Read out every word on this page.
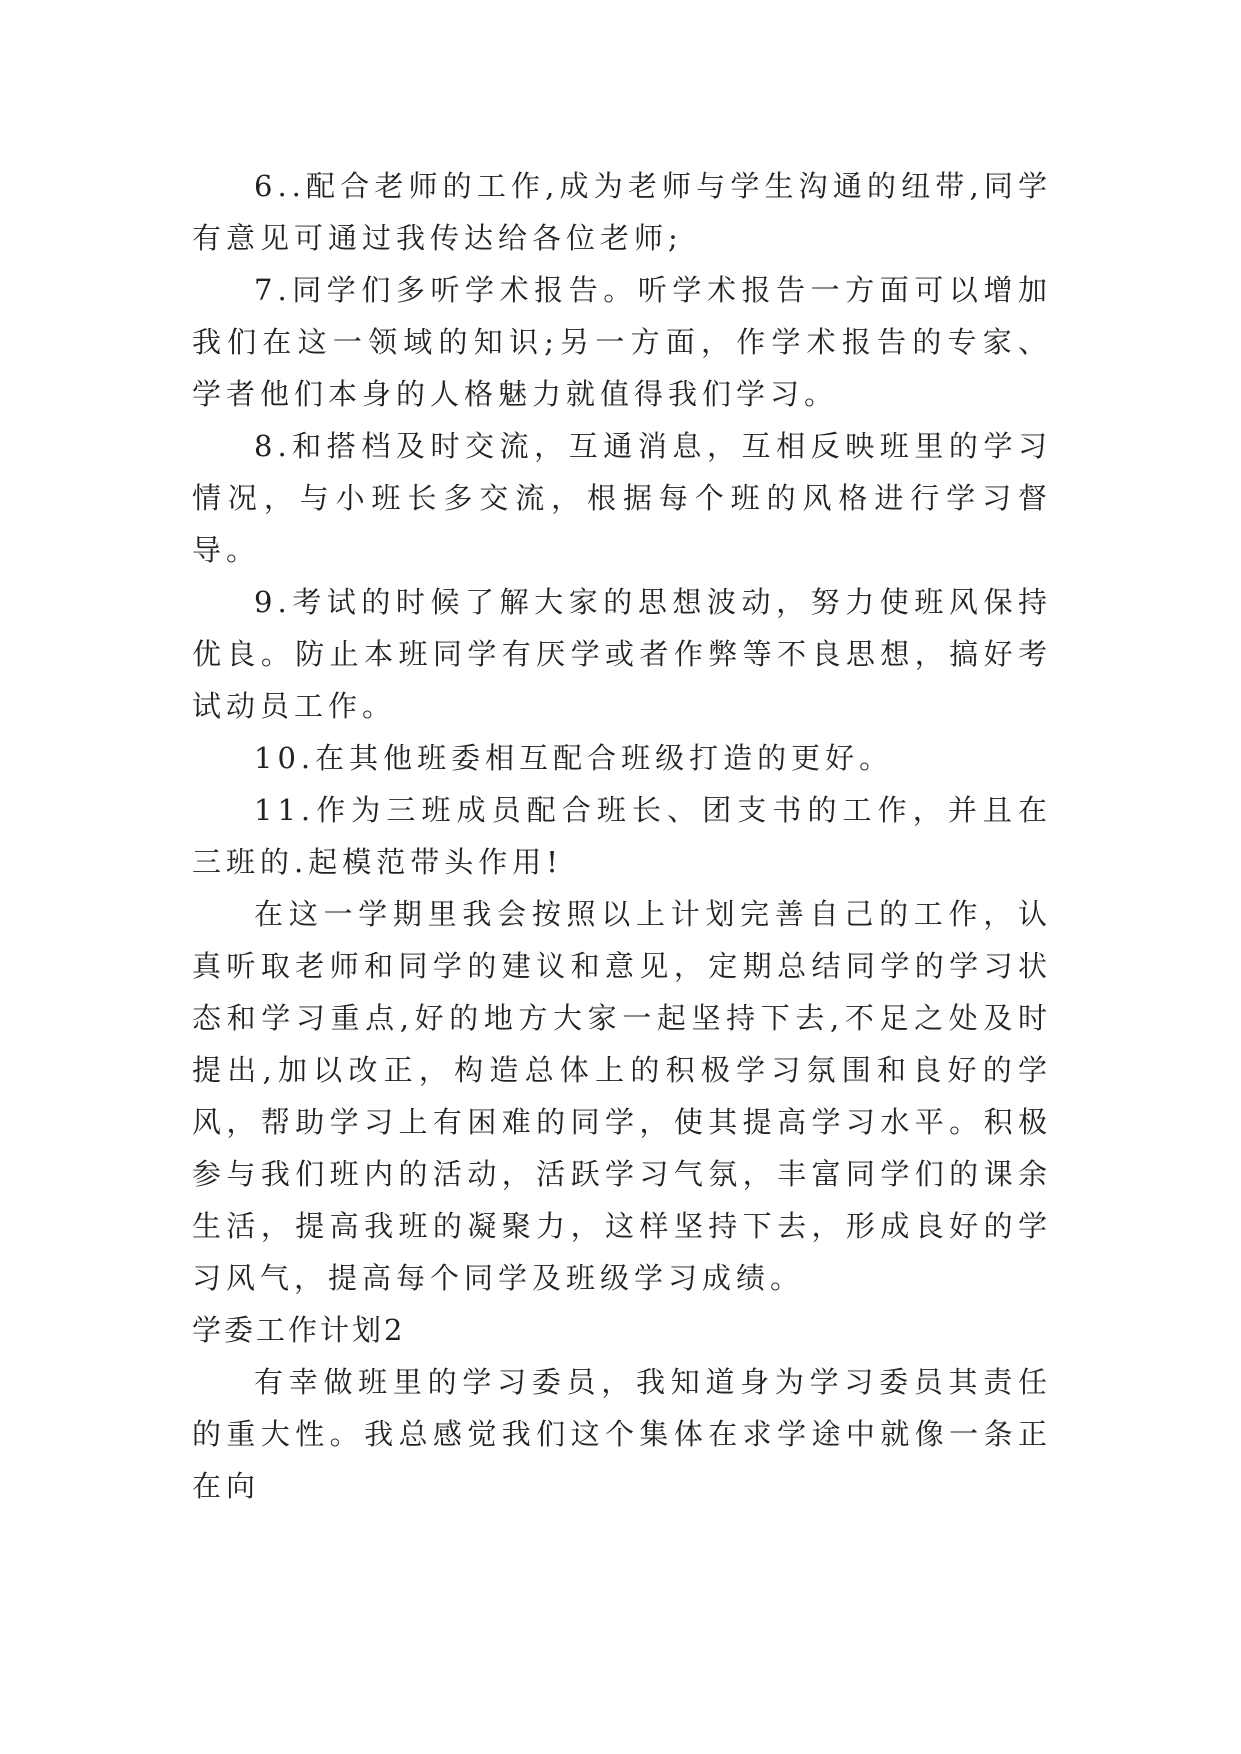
6..配合老师的工作,成为老师与学生沟通的纽带,同学有意见可通过我传达给各位老师;

7.同学们多听学术报告。听学术报告一方面可以增加我们在这一领域的知识;另一方面，作学术报告的专家、学者他们本身的人格魅力就值得我们学习。

8.和搭档及时交流，互通消息，互相反映班里的学习情况，与小班长多交流，根据每个班的风格进行学习督导。

9.考试的时候了解大家的思想波动，努力使班风保持优良。防止本班同学有厌学或者作弊等不良思想，搞好考试动员工作。

10.在其他班委相互配合班级打造的更好。

11.作为三班成员配合班长、团支书的工作，并且在三班的.起模范带头作用!

在这一学期里我会按照以上计划完善自己的工作，认真听取老师和同学的建议和意见，定期总结同学的学习状态和学习重点,好的地方大家一起坚持下去,不足之处及时提出,加以改正，构造总体上的积极学习氛围和良好的学风，帮助学习上有困难的同学，使其提高学习水平。积极参与我们班内的活动，活跃学习气氛，丰富同学们的课余生活，提高我班的凝聚力，这样坚持下去，形成良好的学习风气，提高每个同学及班级学习成绩。

学委工作计划2

有幸做班里的学习委员，我知道身为学习委员其责任的重大性。我总感觉我们这个集体在求学途中就像一条正在向
